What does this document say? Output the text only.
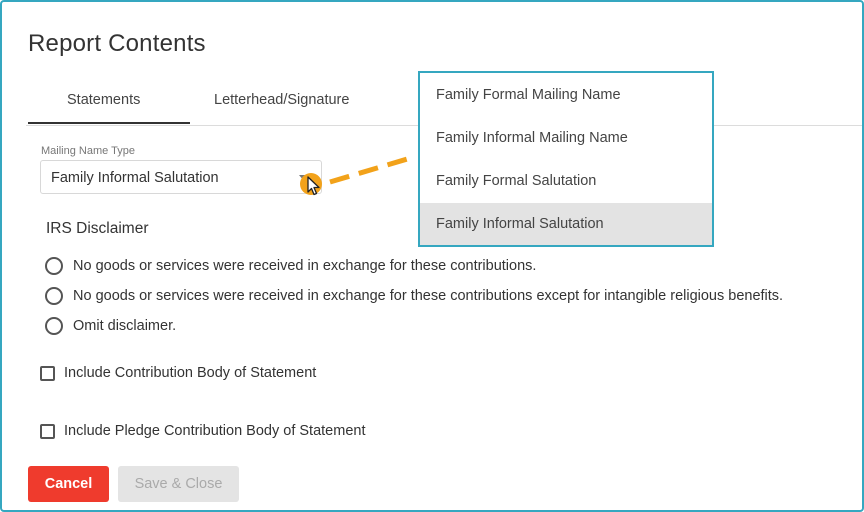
Report Contents
Statements	Letterhead/Signature
Mailing Name Type
Family Informal Salutation
Family Formal Mailing Name
Family Informal Mailing Name
Family Formal Salutation
Family Informal Salutation
IRS Disclaimer
No goods or services were received in exchange for these contributions.
No goods or services were received in exchange for these contributions except for intangible religious benefits.
Omit disclaimer.
Include Contribution Body of Statement
Include Pledge Contribution Body of Statement
Cancel	Save & Close
